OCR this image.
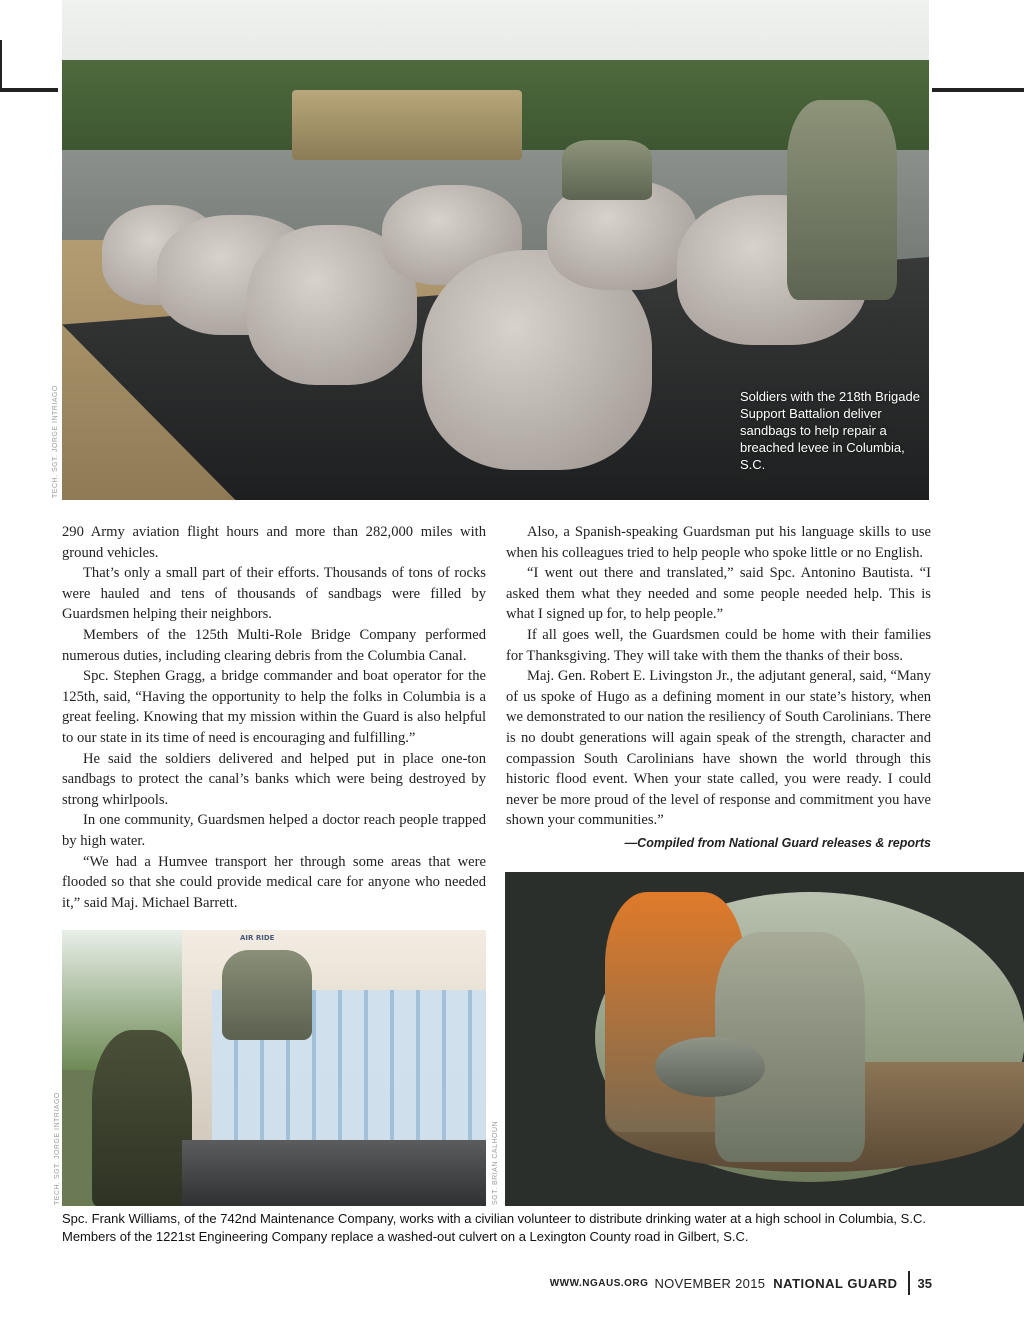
Soldiers with the 218th Brigade Support Battalion deliver sandbags to help repair a breached levee in Columbia, S.C.
TECH. SGT. JORGE INTRIAGO

290 Army aviation flight hours and more than 282,000 miles with ground vehicles.

That’s only a small part of their efforts. Thousands of tons of rocks were hauled and tens of thousands of sandbags were filled by Guardsmen helping their neighbors.

Members of the 125th Multi-Role Bridge Company performed numerous duties, including clearing debris from the Columbia Canal.

Spc. Stephen Gragg, a bridge commander and boat operator for the 125th, said, “Having the opportunity to help the folks in Columbia is a great feeling. Knowing that my mission within the Guard is also helpful to our state in its time of need is encouraging and fulfilling.”

He said the soldiers delivered and helped put in place one-ton sandbags to protect the canal’s banks which were being destroyed by strong whirlpools.

In one community, Guardsmen helped a doctor reach people trapped by high water.

“We had a Humvee transport her through some areas that were flooded so that she could provide medical care for anyone who needed it,” said Maj. Michael Barrett.

Also, a Spanish-speaking Guardsman put his language skills to use when his colleagues tried to help people who spoke little or no English.

“I went out there and translated,” said Spc. Antonino Bautista. “I asked them what they needed and some people needed help. This is what I signed up for, to help people.”

If all goes well, the Guardsmen could be home with their families for Thanksgiving. They will take with them the thanks of their boss.

Maj. Gen. Robert E. Livingston Jr., the adjutant general, said, “Many of us spoke of Hugo as a defining moment in our state’s history, when we demonstrated to our nation the resiliency of South Carolinians. There is no doubt generations will again speak of the strength, character and compassion South Carolinians have shown the world through this historic flood event. When your state called, you were ready. I could never be more proud of the level of response and commitment you have shown your communities.”

—Compiled from National Guard releases & reports

AIR RIDE
TECH. SGT. JORGE INTRIAGO	SGT. BRIAN CALHOUN
Spc. Frank Williams, of the 742nd Maintenance Company, works with a civilian volunteer to distribute drinking water at a high school in Columbia, S.C. Members of the 1221st Engineering Company replace a washed-out culvert on a Lexington County road in Gilbert, S.C.
WWW.NGAUS.ORG NOVEMBER 2015 NATIONAL GUARD 35
